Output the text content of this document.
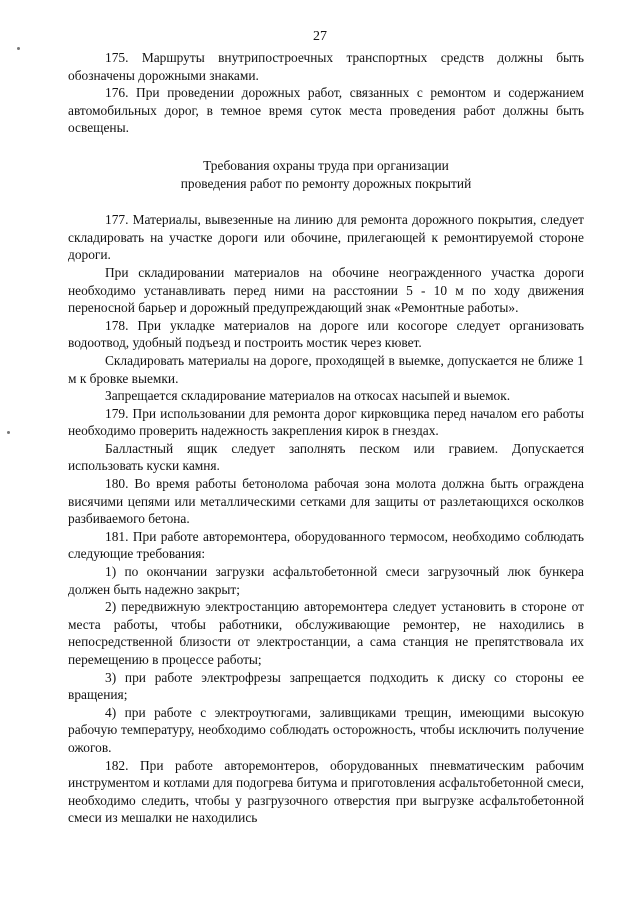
27

175. Маршруты внутрипостроечных транспортных средств должны быть обозначены дорожными знаками.

176. При проведении дорожных работ, связанных с ремонтом и содержанием автомобильных дорог, в темное время суток места проведения работ должны быть освещены.

Требования охраны труда при организации
проведения работ по ремонту дорожных покрытий

177. Материалы, вывезенные на линию для ремонта дорожного покрытия, следует складировать на участке дороги или обочине, прилегающей к ремонтируемой стороне дороги.

При складировании материалов на обочине неогражденного участка дороги необходимо устанавливать перед ними на расстоянии 5 - 10 м по ходу движения переносной барьер и дорожный предупреждающий знак «Ремонтные работы».

178. При укладке материалов на дороге или косогоре следует организовать водоотвод, удобный подъезд и построить мостик через кювет.

Складировать материалы на дороге, проходящей в выемке, допускается не ближе 1 м к бровке выемки.

Запрещается складирование материалов на откосах насыпей и выемок.

179. При использовании для ремонта дорог кирковщика перед началом его работы необходимо проверить надежность закрепления кирок в гнездах.

Балластный ящик следует заполнять песком или гравием. Допускается использовать куски камня.

180. Во время работы бетонолома рабочая зона молота должна быть ограждена висячими цепями или металлическими сетками для защиты от разлетающихся осколков разбиваемого бетона.

181. При работе авторемонтера, оборудованного термосом, необходимо соблюдать следующие требования:

1) по окончании загрузки асфальтобетонной смеси загрузочный люк бункера должен быть надежно закрыт;

2) передвижную электростанцию авторемонтера следует установить в стороне от места работы, чтобы работники, обслуживающие ремонтер, не находились в непосредственной близости от электростанции, а сама станция не препятствовала их перемещению в процессе работы;

3) при работе электрофрезы запрещается подходить к диску со стороны ее вращения;

4) при работе с электроутюгами, заливщиками трещин, имеющими высокую рабочую температуру, необходимо соблюдать осторожность, чтобы исключить получение ожогов.

182. При работе авторемонтеров, оборудованных пневматическим рабочим инструментом и котлами для подогрева битума и приготовления асфальтобетонной смеси, необходимо следить, чтобы у разгрузочного отверстия при выгрузке асфальтобетонной смеси из мешалки не находились
